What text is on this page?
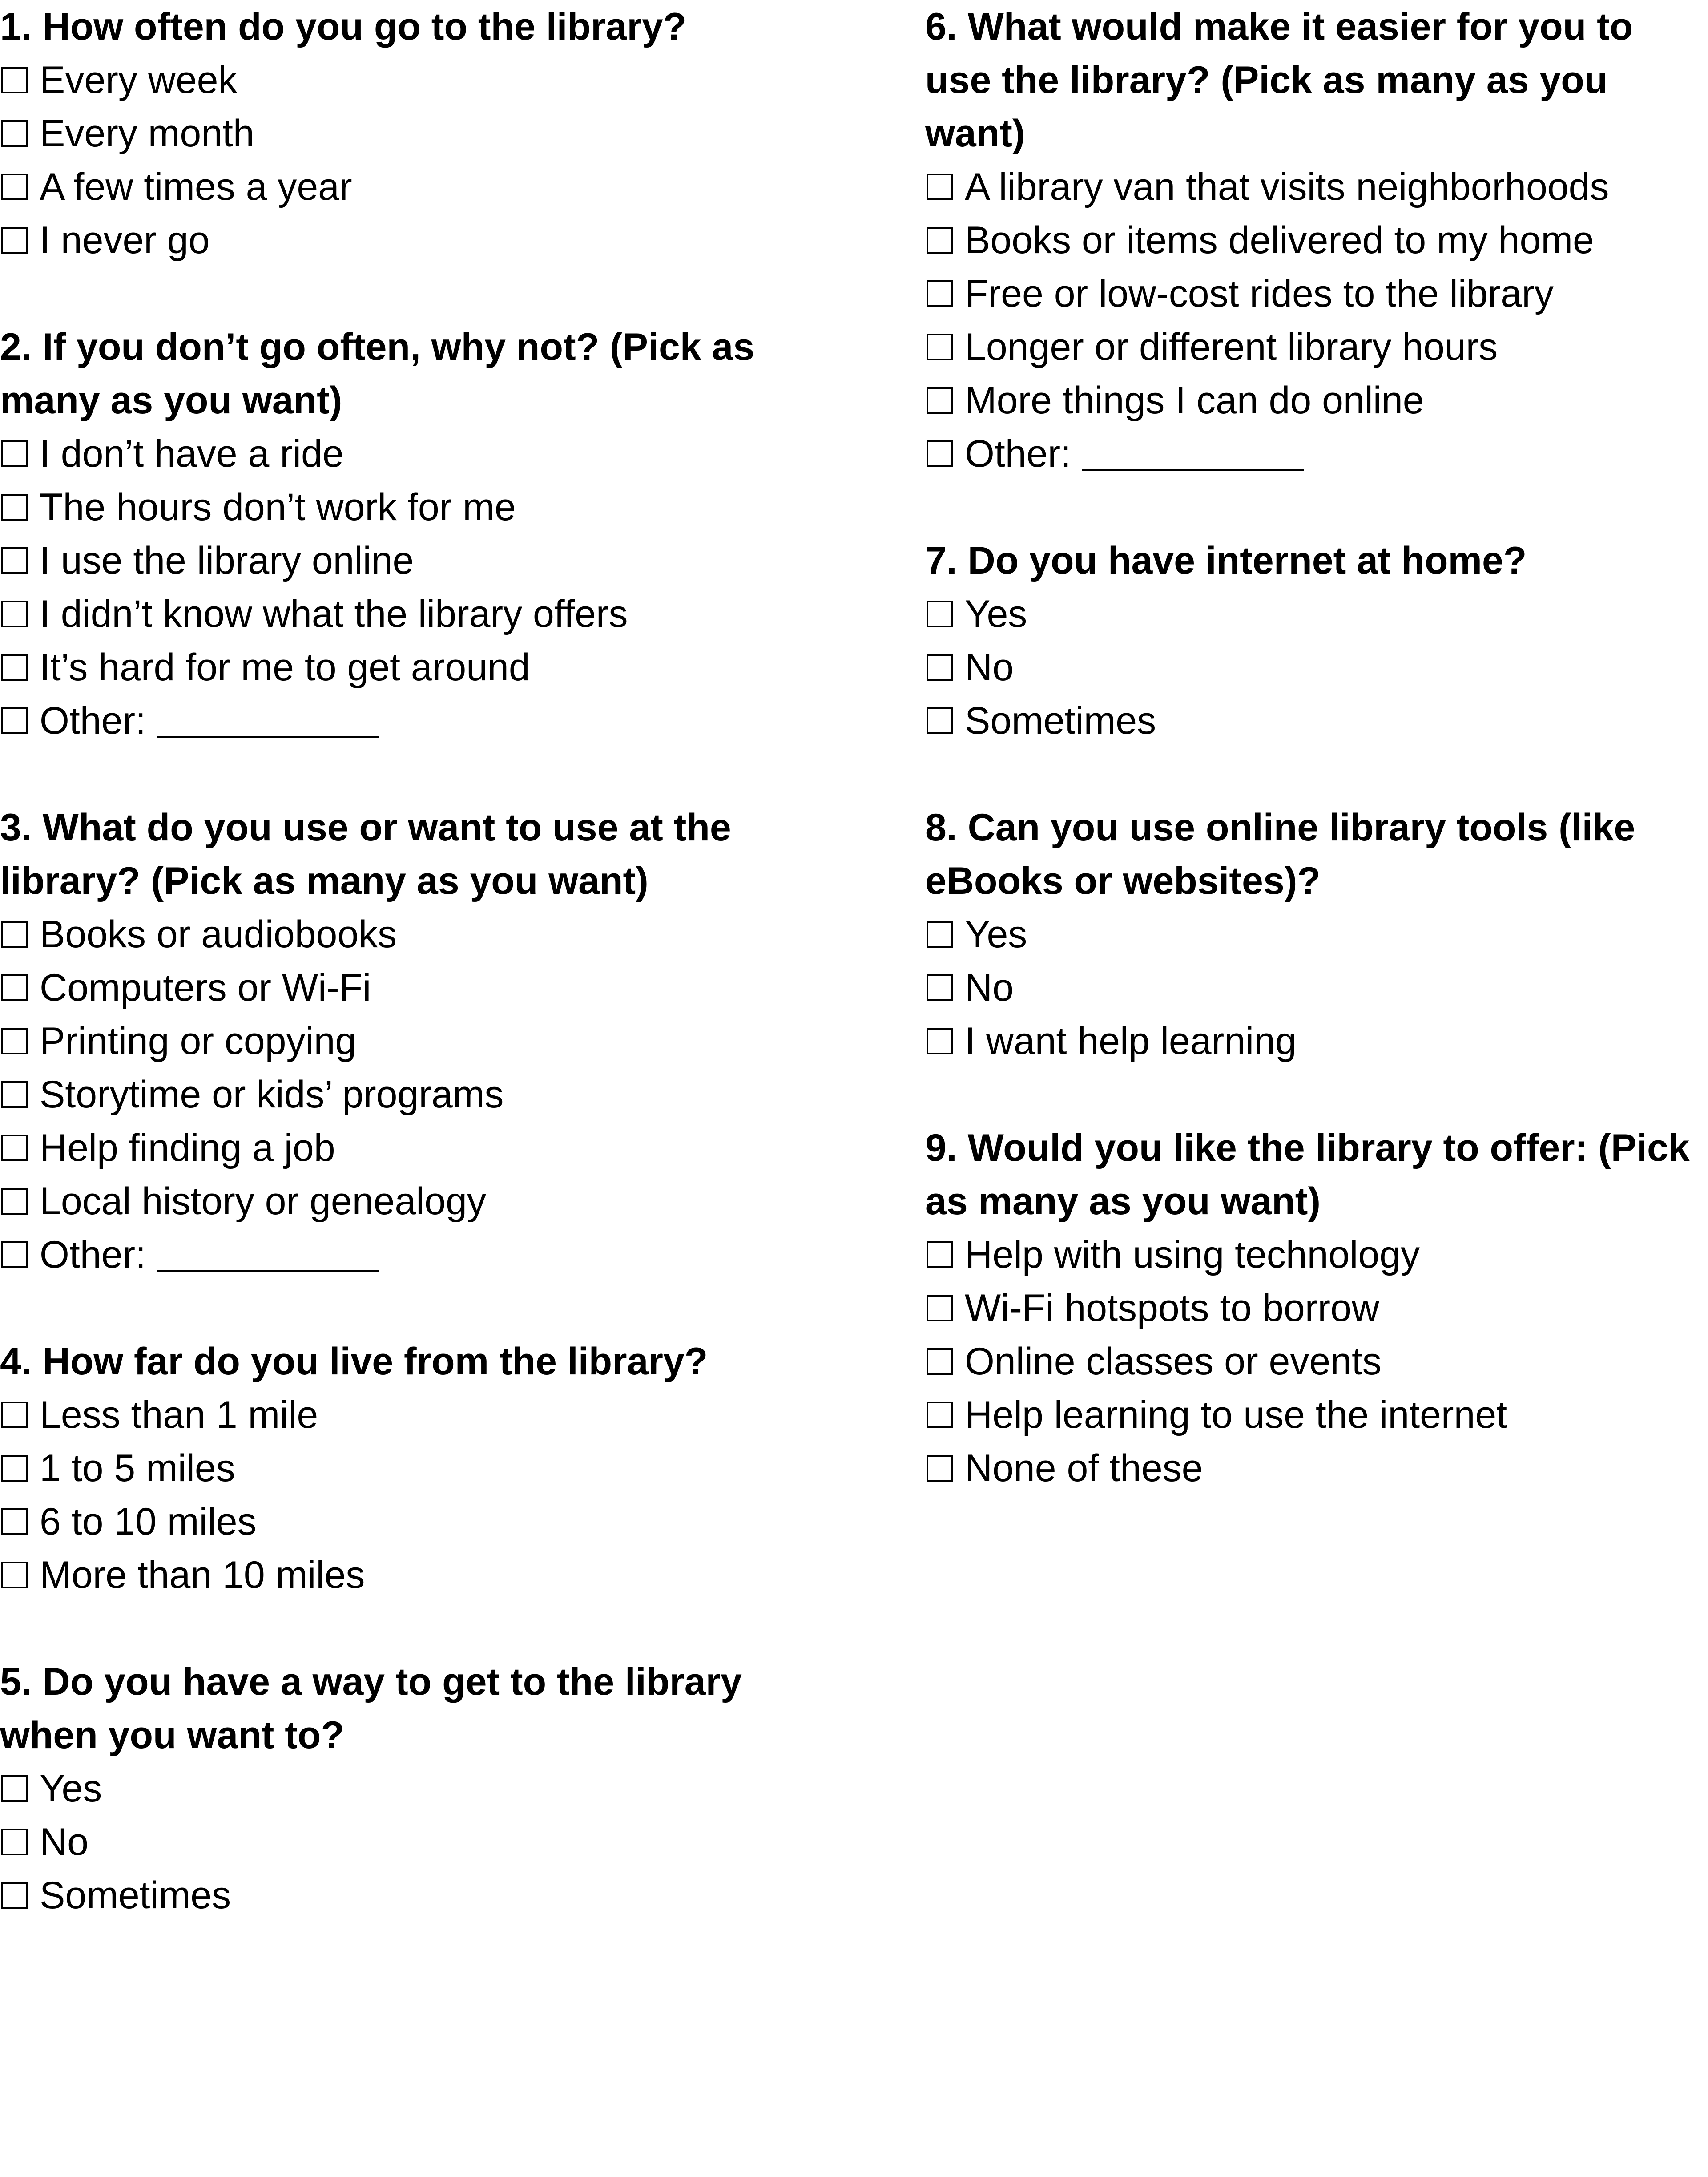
1. How often do you go to the library?

Every week
Every month
A few times a year
I never go

2. If you don’t go often, why not? (Pick as many as you want)

I don’t have a ride
The hours don’t work for me
I use the library online
I didn’t know what the library offers
It’s hard for me to get around
Other:

3. What do you use or want to use at the library? (Pick as many as you want)

Books or audiobooks
Computers or Wi-Fi
Printing or copying
Storytime or kids’ programs
Help finding a job
Local history or genealogy
Other:

4. How far do you live from the library?

Less than 1 mile
1 to 5 miles
6 to 10 miles
More than 10 miles

5. Do you have a way to get to the library when you want to?

Yes
No
Sometimes

6. What would make it easier for you to use the library? (Pick as many as you want)

A library van that visits neighborhoods
Books or items delivered to my home
Free or low-cost rides to the library
Longer or different library hours
More things I can do online
Other:

7. Do you have internet at home?

Yes
No
Sometimes

8. Can you use online library tools (like eBooks or websites)?

Yes
No
I want help learning

9. Would you like the library to offer: (Pick as many as you want)

Help with using technology
Wi-Fi hotspots to borrow
Online classes or events
Help learning to use the internet
None of these
